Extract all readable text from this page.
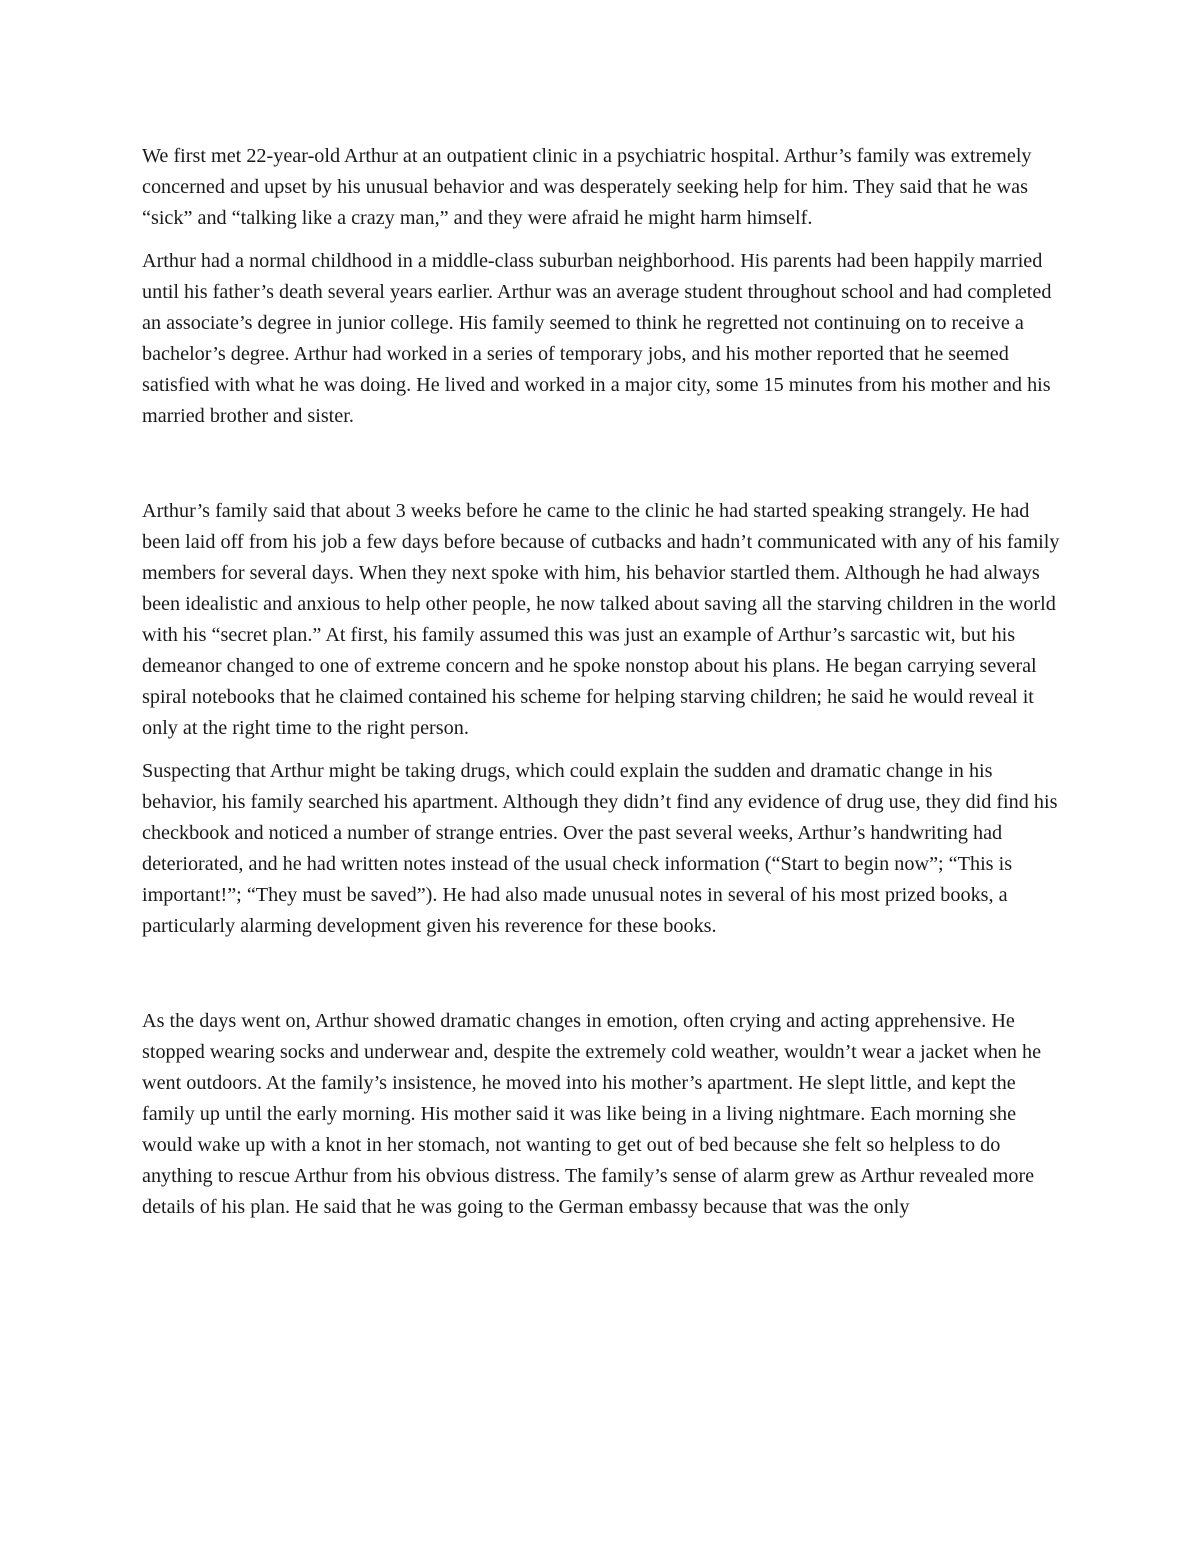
We first met 22-year-old Arthur at an outpatient clinic in a psychiatric hospital. Arthur’s family was extremely concerned and upset by his unusual behavior and was desperately seeking help for him. They said that he was “sick” and “talking like a crazy man,” and they were afraid he might harm himself.

Arthur had a normal childhood in a middle-class suburban neighborhood. His parents had been happily married until his father’s death several years earlier. Arthur was an average student throughout school and had completed an associate’s degree in junior college. His family seemed to think he regretted not continuing on to receive a bachelor’s degree. Arthur had worked in a series of temporary jobs, and his mother reported that he seemed satisfied with what he was doing. He lived and worked in a major city, some 15 minutes from his mother and his married brother and sister.

Arthur’s family said that about 3 weeks before he came to the clinic he had started speaking strangely. He had been laid off from his job a few days before because of cutbacks and hadn’t communicated with any of his family members for several days. When they next spoke with him, his behavior startled them. Although he had always been idealistic and anxious to help other people, he now talked about saving all the starving children in the world with his “secret plan.” At first, his family assumed this was just an example of Arthur’s sarcastic wit, but his demeanor changed to one of extreme concern and he spoke nonstop about his plans. He began carrying several spiral notebooks that he claimed contained his scheme for helping starving children; he said he would reveal it only at the right time to the right person.

Suspecting that Arthur might be taking drugs, which could explain the sudden and dramatic change in his behavior, his family searched his apartment. Although they didn’t find any evidence of drug use, they did find his checkbook and noticed a number of strange entries. Over the past several weeks, Arthur’s handwriting had deteriorated, and he had written notes instead of the usual check information (“Start to begin now”; “This is important!”; “They must be saved”). He had also made unusual notes in several of his most prized books, a particularly alarming development given his reverence for these books.

As the days went on, Arthur showed dramatic changes in emotion, often crying and acting apprehensive. He stopped wearing socks and underwear and, despite the extremely cold weather, wouldn’t wear a jacket when he went outdoors. At the family’s insistence, he moved into his mother’s apartment. He slept little, and kept the family up until the early morning. His mother said it was like being in a living nightmare. Each morning she would wake up with a knot in her stomach, not wanting to get out of bed because she felt so helpless to do anything to rescue Arthur from his obvious distress. The family’s sense of alarm grew as Arthur revealed more details of his plan. He said that he was going to the German embassy because that was the only
